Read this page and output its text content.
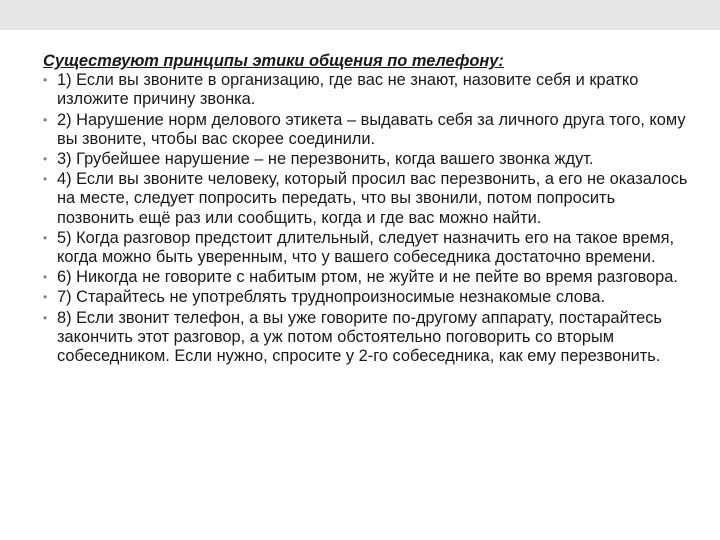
Существуют принципы этики общения по телефону:

• 1) Если вы звоните в организацию, где вас не знают, назовите себя и кратко изложите причину звонка.
• 2) Нарушение норм делового этикета – выдавать себя за личного друга того, кому вы звоните, чтобы вас скорее соединили.
• 3) Грубейшее нарушение – не перезвонить, когда вашего звонка ждут.
• 4) Если вы звоните человеку, который просил вас перезвонить, а его не оказалось на месте, следует попросить передать, что вы звонили, потом попросить позвонить ещё раз или сообщить, когда и где вас можно найти.
• 5) Когда разговор предстоит длительный, следует назначить его на такое время, когда можно быть уверенным, что у вашего собеседника достаточно времени.
• 6) Никогда не говорите с набитым ртом, не жуйте и не пейте во время разговора.
• 7) Старайтесь не употреблять труднопроизносимые незнакомые слова.
• 8) Если звонит телефон, а вы уже говорите по-другому аппарату, постарайтесь закончить этот разговор, а уж потом обстоятельно поговорить со вторым собеседником. Если нужно, спросите у 2-го собеседника, как ему перезвонить.
